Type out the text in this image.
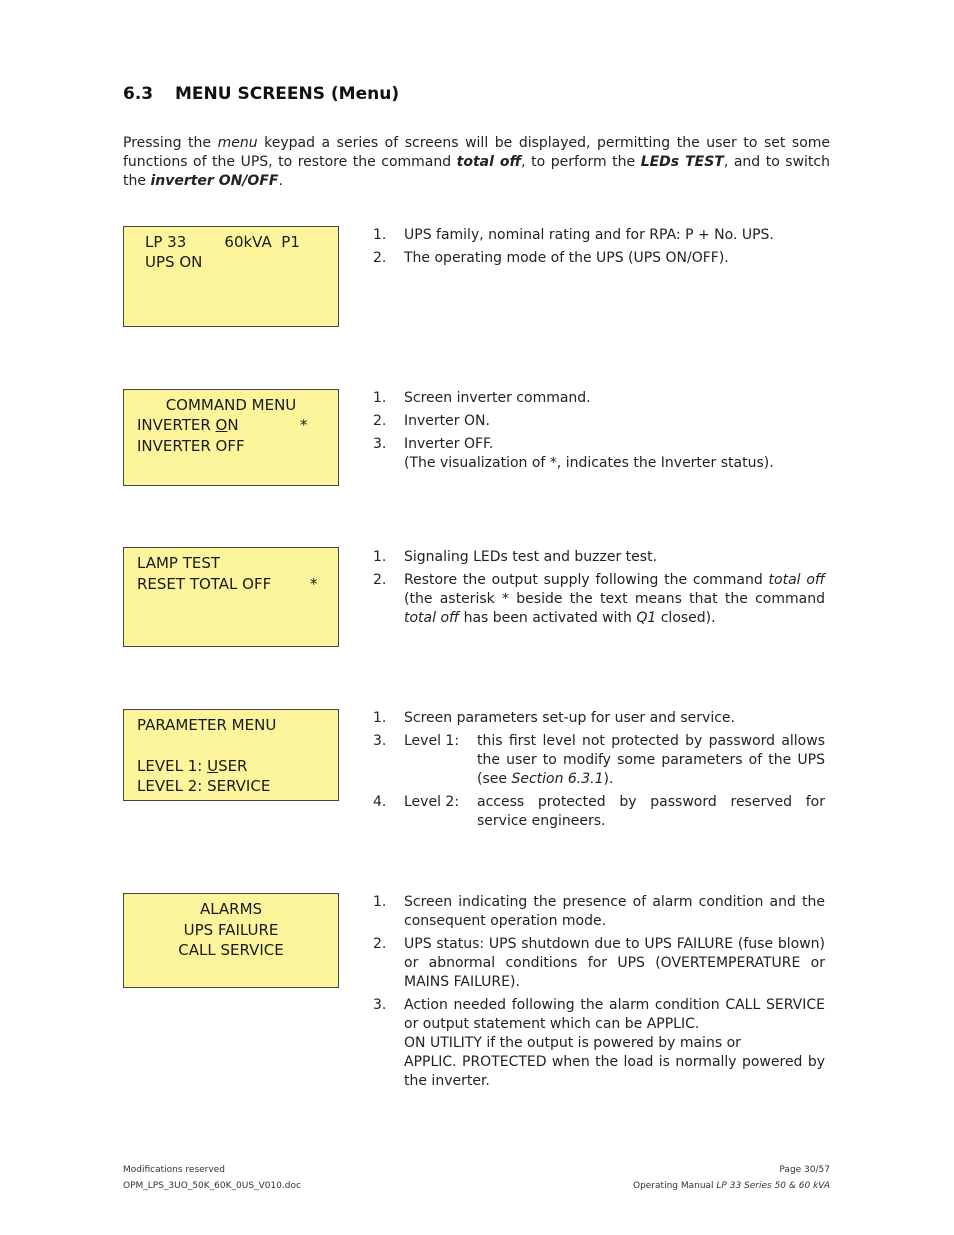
6.3 MENU SCREENS (Menu)
Pressing the menu keypad a series of screens will be displayed, permitting the user to set some functions of the UPS, to restore the command total off, to perform the LEDs TEST, and to switch the inverter ON/OFF.
LP 33        60kVA  P1
UPS ON
1. UPS family, nominal rating and for RPA: P + No. UPS.
2. The operating mode of the UPS (UPS ON/OFF).
COMMAND MENU
INVERTER ON	*
INVERTER OFF
1. Screen inverter command.
2. Inverter ON.
3. Inverter OFF.
(The visualization of *, indicates the Inverter status).
LAMP TEST
RESET TOTAL OFF	*
1. Signaling LEDs test and buzzer test.
2. Restore the output supply following the command total off (the asterisk * beside the text means that the command total off has been activated with Q1 closed).
PARAMETER MENU
LEVEL 1: USER
LEVEL 2: SERVICE
1. Screen parameters set-up for user and service.
3. Level 1:	this first level not protected by password allows the user to modify some parameters of the UPS (see Section 6.3.1).
4. Level 2:	access protected by password reserved for service engineers.
ALARMS
UPS FAILURE
CALL SERVICE
1. Screen indicating the presence of alarm condition and the consequent operation mode.
2. UPS status: UPS shutdown due to UPS FAILURE (fuse blown) or abnormal conditions for UPS (OVERTEMPERATURE or MAINS FAILURE).
3. Action needed following the alarm condition CALL SERVICE or output statement which can be APPLIC.
ON UTILITY if the output is powered by mains or
APPLIC. PROTECTED when the load is normally powered by the inverter.
Modifications reserved
OPM_LPS_3UO_50K_60K_0US_V010.doc
Page 30/57
Operating Manual LP 33 Series 50 & 60 kVA
